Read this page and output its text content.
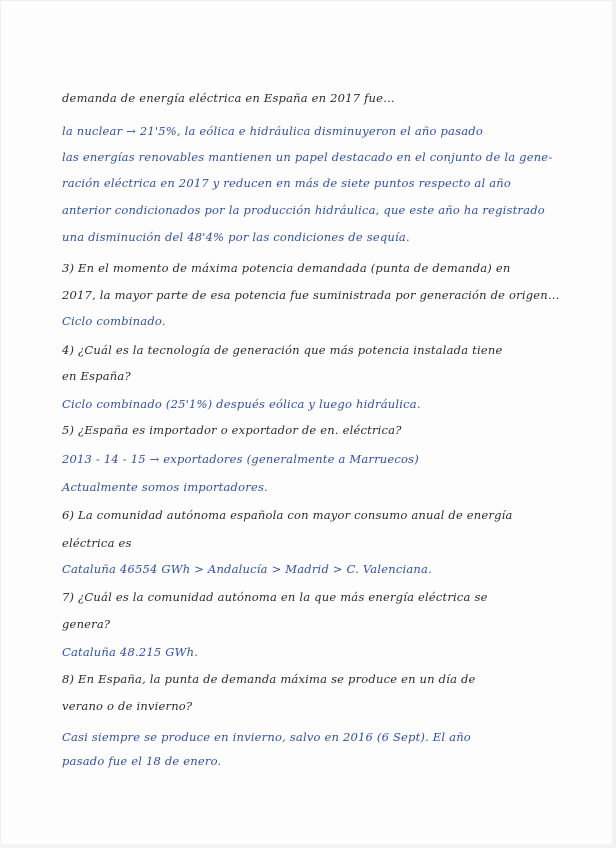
demanda de energía eléctrica en España en 2017 fue…
la nuclear → 21'5%, la eólica e hidráulica disminuyeron el año pasado
las energías renovables mantienen un papel destacado en el conjunto de la gene-
ración eléctrica en 2017 y reducen en más de siete puntos respecto al año
anterior condicionados por la producción hidráulica, que este año ha registrado
una disminución del 48'4% por las condiciones de sequía.
3) En el momento de máxima potencia demandada (punta de demanda) en
2017, la mayor parte de esa potencia fue suministrada por generación de origen…
Ciclo combinado.
4) ¿Cuál es la tecnología de generación que más potencia instalada tiene
en España?
Ciclo combinado (25'1%) después eólica y luego hidráulica.
5) ¿España es importador o exportador de en. eléctrica?
2013 - 14 - 15 → exportadores (generalmente a Marruecos)
Actualmente somos importadores.
6) La comunidad autónoma española con mayor consumo anual de energía
eléctrica es
Cataluña 46554 GWh > Andalucía > Madrid > C. Valenciana.
7) ¿Cuál es la comunidad autónoma en la que más energía eléctrica se
genera?
Cataluña 48.215 GWh.
8) En España, la punta de demanda máxima se produce en un día de
verano o de invierno?
Casi siempre se produce en invierno, salvo en 2016 (6 Sept). El año
pasado fue el 18 de enero.
